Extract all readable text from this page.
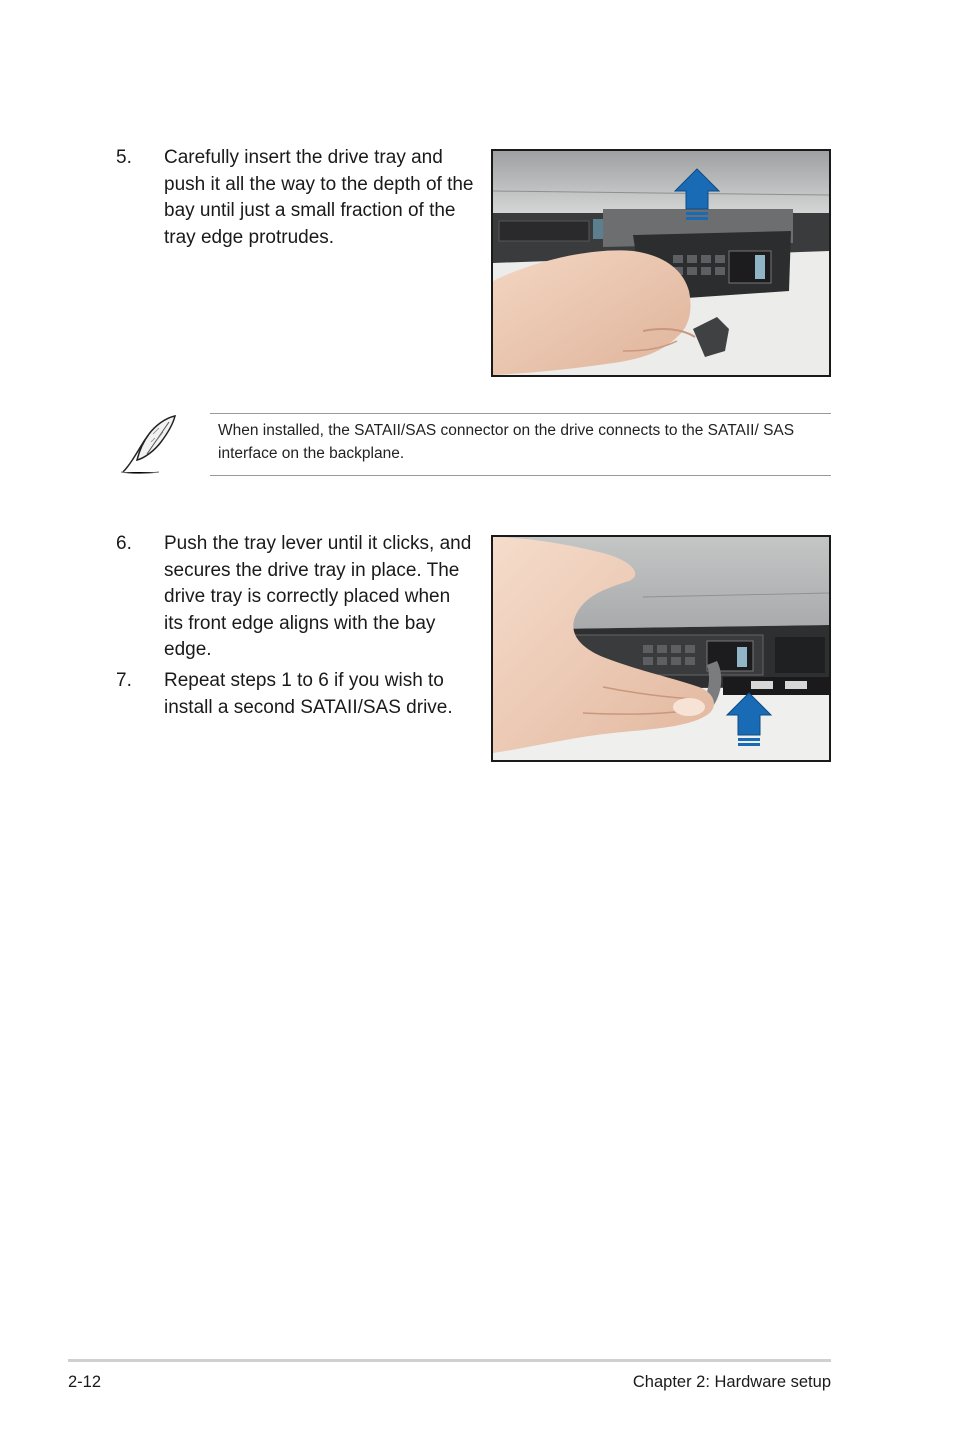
5. Carefully insert the drive tray and push it all the way to the depth of the bay until just a small fraction of the tray edge protrudes.
When installed, the SATAII/SAS connector on the drive connects to the SATAII/ SAS interface on the backplane.
6. Push the tray lever until it clicks, and secures the drive tray in place. The drive tray is correctly placed when its front edge aligns with the bay edge.
7. Repeat steps 1 to 6 if you wish to install a second SATAII/SAS drive.
2-12	Chapter 2: Hardware setup
